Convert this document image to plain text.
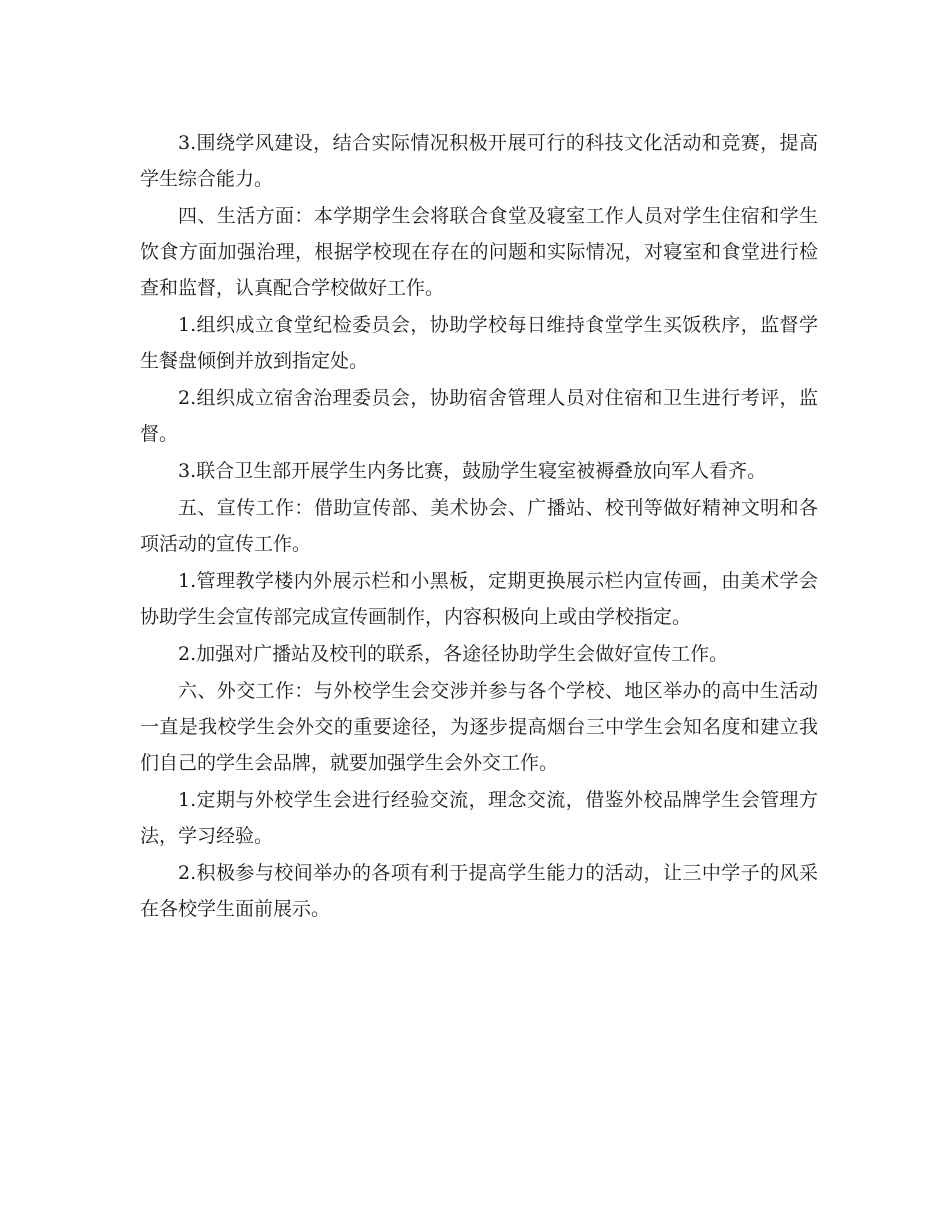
3.围绕学风建设，结合实际情况积极开展可行的科技文化活动和竞赛，提高学生综合能力。

四、生活方面：本学期学生会将联合食堂及寝室工作人员对学生住宿和学生饮食方面加强治理，根据学校现在存在的问题和实际情况，对寝室和食堂进行检查和监督，认真配合学校做好工作。

1.组织成立食堂纪检委员会，协助学校每日维持食堂学生买饭秩序，监督学生餐盘倾倒并放到指定处。

2.组织成立宿舍治理委员会，协助宿舍管理人员对住宿和卫生进行考评，监督。

3.联合卫生部开展学生内务比赛，鼓励学生寝室被褥叠放向军人看齐。

五、宣传工作：借助宣传部、美术协会、广播站、校刊等做好精神文明和各项活动的宣传工作。

1.管理教学楼内外展示栏和小黑板，定期更换展示栏内宣传画，由美术学会协助学生会宣传部完成宣传画制作，内容积极向上或由学校指定。

2.加强对广播站及校刊的联系，各途径协助学生会做好宣传工作。

六、外交工作：与外校学生会交涉并参与各个学校、地区举办的高中生活动一直是我校学生会外交的重要途径，为逐步提高烟台三中学生会知名度和建立我们自己的学生会品牌，就要加强学生会外交工作。

1.定期与外校学生会进行经验交流，理念交流，借鉴外校品牌学生会管理方法，学习经验。

2.积极参与校间举办的各项有利于提高学生能力的活动，让三中学子的风采在各校学生面前展示。
